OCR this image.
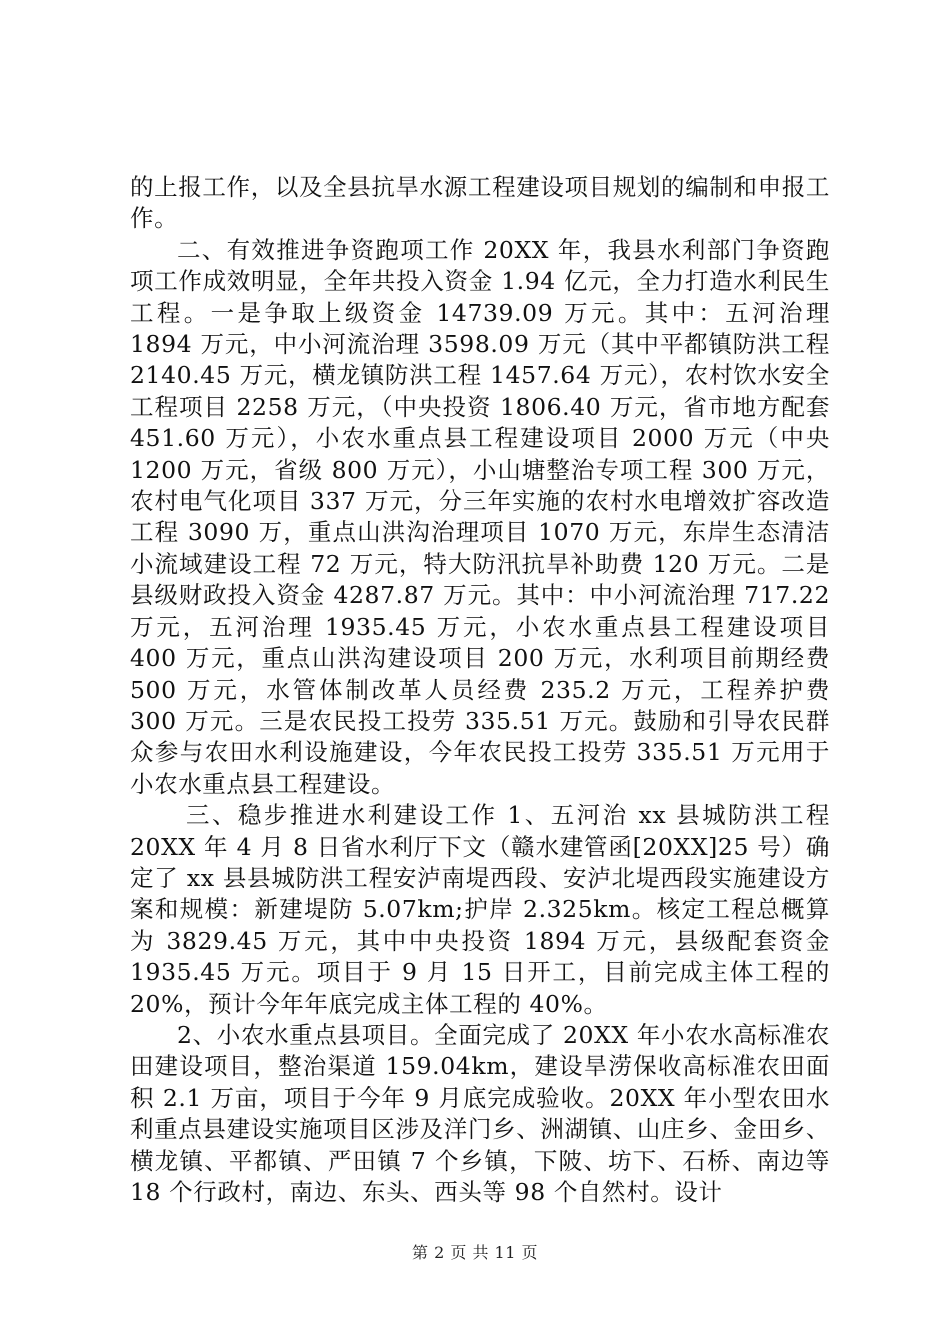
的上报工作，以及全县抗旱水源工程建设项目规划的编制和申报工作。

二、有效推进争资跑项工作 20XX 年，我县水利部门争资跑项工作成效明显，全年共投入资金 1.94 亿元，全力打造水利民生工程。一是争取上级资金 14739.09 万元。其中：五河治理 1894 万元，中小河流治理 3598.09 万元（其中平都镇防洪工程 2140.45 万元，横龙镇防洪工程 1457.64 万元），农村饮水安全工程项目 2258 万元，（中央投资 1806.40 万元，省市地方配套 451.60 万元），小农水重点县工程建设项目 2000 万元（中央 1200 万元，省级 800 万元），小山塘整治专项工程 300 万元，农村电气化项目 337 万元，分三年实施的农村水电增效扩容改造工程 3090 万，重点山洪沟治理项目 1070 万元，东岸生态清洁小流域建设工程 72 万元，特大防汛抗旱补助费 120 万元。二是县级财政投入资金 4287.87 万元。其中：中小河流治理 717.22 万元，五河治理 1935.45 万元，小农水重点县工程建设项目 400 万元，重点山洪沟建设项目 200 万元，水利项目前期经费 500 万元，水管体制改革人员经费 235.2 万元，工程养护费 300 万元。三是农民投工投劳 335.51 万元。鼓励和引导农民群众参与农田水利设施建设，今年农民投工投劳 335.51 万元用于小农水重点县工程建设。

三、稳步推进水利建设工作 1、五河治 xx 县城防洪工程 20XX 年 4 月 8 日省水利厅下文（赣水建管函[20XX]25 号）确定了 xx 县县城防洪工程安泸南堤西段、安泸北堤西段实施建设方案和规模：新建堤防 5.07km;护岸 2.325km。核定工程总概算为 3829.45 万元，其中中央投资 1894 万元，县级配套资金 1935.45 万元。项目于 9 月 15 日开工，目前完成主体工程的 20%，预计今年年底完成主体工程的 40%。

2、小农水重点县项目。全面完成了 20XX 年小农水高标准农田建设项目，整治渠道 159.04km，建设旱涝保收高标准农田面积 2.1 万亩，项目于今年 9 月底完成验收。20XX 年小型农田水利重点县建设实施项目区涉及洋门乡、洲湖镇、山庄乡、金田乡、横龙镇、平都镇、严田镇 7 个乡镇，下陂、坊下、石桥、南边等 18 个行政村，南边、东头、西头等 98 个自然村。设计

第 2 页 共 11 页
